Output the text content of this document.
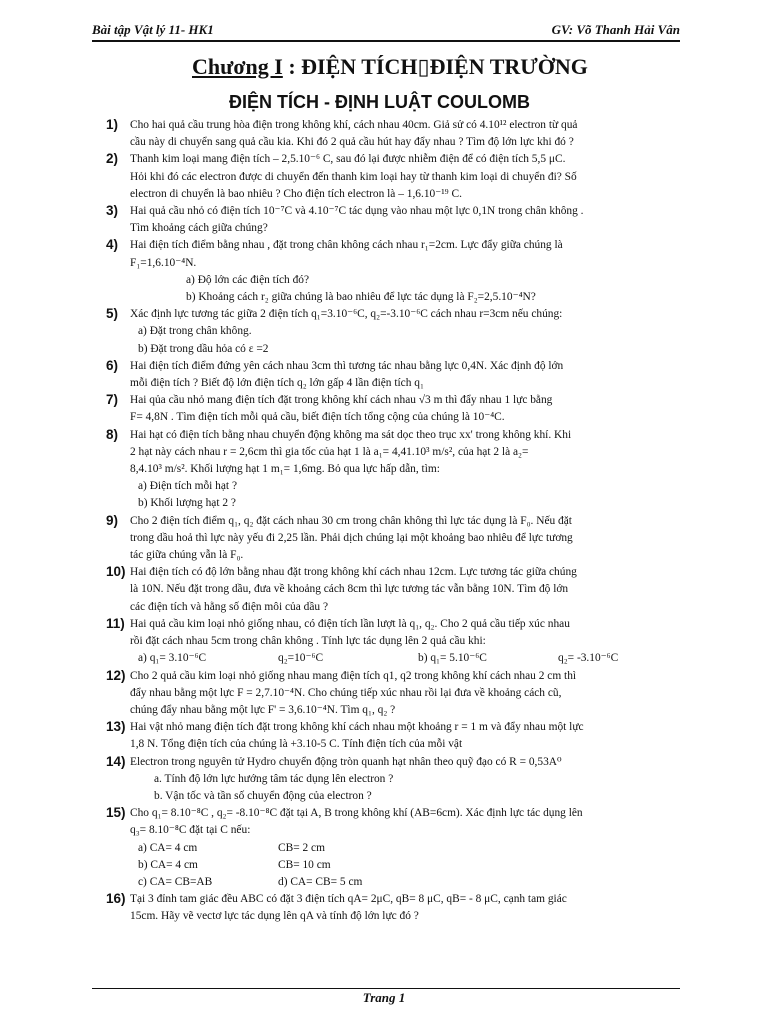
Bài tập Vật lý 11- HK1	GV: Võ Thanh Hải Vân
Chương I : ĐIỆN TÍCH▯ĐIỆN TRƯỜNG
ĐIỆN TÍCH - ĐỊNH LUẬT COULOMB
1) Cho hai quả cầu trung hòa điện trong không khí, cách nhau 40cm. Giả sử có 4.10¹² electron từ quả
cầu này di chuyển sang quả cầu kia. Khi đó 2 quả cầu hút hay đẩy nhau ? Tìm độ lớn lực khi đó ?
2) Thanh kim loại mang điện tích – 2,5.10⁻⁶ C, sau đó lại được nhiễm điện để có điện tích 5,5 μC.
Hỏi khi đó các electron được di chuyển đến thanh kim loại hay từ thanh kim loại di chuyển đi? Số
electron di chuyển là bao nhiêu ? Cho điện tích electron là – 1,6.10⁻¹⁹ C.
3) Hai quả cầu nhỏ có điện tích 10⁻⁷C và 4.10⁻⁷C tác dụng vào nhau một lực 0,1N trong chân không .
Tìm khoảng cách giữa chúng?
4) Hai điện tích điểm bằng nhau , đặt trong chân không cách nhau r₁=2cm. Lực đẩy giữa chúng là
F₁=1,6.10⁻⁴N.
a) Độ lớn các điện tích đó?
b) Khoảng cách r₂ giữa chúng là bao nhiêu để lực tác dụng là F₂=2,5.10⁻⁴N?
5) Xác định lực tương tác giữa 2 điện tích q₁=3.10⁻⁶C, q₂=-3.10⁻⁶C cách nhau r=3cm nếu chúng:
a) Đặt trong chân không.
b) Đặt trong dầu hỏa có ε =2
6) Hai điện tích điểm đứng yên cách nhau 3cm thì tương tác nhau bằng lực 0,4N. Xác định độ lớn
mỗi điện tích ? Biết độ lớn điện tích q₂ lớn gấp 4 lần điện tích q₁
7) Hai qủa cầu nhỏ mang điện tích đặt trong không khí cách nhau √3 m thì đẩy nhau 1 lực bằng
F= 4,8N . Tìm điện tích mỗi quả cầu, biết điện tích tổng cộng của chúng là 10⁻⁴C.
8) Hai hạt có điện tích bằng nhau chuyển động không ma sát dọc theo trục xx' trong không khí. Khi
2 hạt này cách nhau r = 2,6cm thì gia tốc của hạt 1 là a₁= 4,41.10³ m/s², của hạt 2 là a₂=
8,4.10³ m/s². Khối lượng hạt 1 m₁= 1,6mg. Bỏ qua lực hấp dẫn, tìm:
a) Điện tích mỗi hạt ?
b) Khối lượng hạt 2 ?
9) Cho 2 điện tích điểm q₁, q₂ đặt cách nhau 30 cm trong chân không thì lực tác dụng là F₀. Nếu đặt
trong dầu hoả thì lực này yếu đi 2,25 lần. Phải dịch chúng lại một khoảng bao nhiêu để lực tương
tác giữa chúng vẫn là F₀.
10) Hai điện tích có độ lớn bằng nhau đặt trong không khí cách nhau 12cm. Lực tương tác giữa chúng
là 10N. Nếu đặt trong dầu, đưa về khoảng cách 8cm thì lực tương tác vẫn bằng 10N. Tìm độ lớn
các điện tích và hằng số điện môi của dầu ?
11) Hai quả cầu kim loại nhỏ giống nhau, có điện tích lần lượt là q₁, q₂. Cho 2 quả cầu tiếp xúc nhau
rồi đặt cách nhau 5cm trong chân không . Tính lực tác dụng lên 2 quả cầu khi:
a) q₁= 3.10⁻⁶C	q₂=10⁻⁶C	b) q₁= 5.10⁻⁶C	q₂= -3.10⁻⁶C
12) Cho 2 quả cầu kim loại nhỏ giống nhau mang điện tích q1, q2 trong không khí cách nhau 2 cm thì
đẩy nhau bằng một lực F = 2,7.10⁻⁴N. Cho chúng tiếp xúc nhau rồi lại đưa về khoảng cách cũ,
chúng đẩy nhau bằng một lực F' = 3,6.10⁻⁴N. Tìm q₁, q₂ ?
13) Hai vật nhỏ mang điện tích đặt trong không khí cách nhau một khoảng r = 1 m và đẩy nhau một lực
1,8 N. Tổng điện tích của chúng là +3.10-5 C. Tính điện tích của mỗi vật
14) Electron trong nguyên tử Hydro chuyển động tròn quanh hạt nhân theo quỹ đạo có R = 0,53A⁰
a. Tính độ lớn lực hướng tâm tác dụng lên electron ?
b. Vận tốc và tần số chuyển động của electron ?
15) Cho q₁= 8.10⁻⁸C , q₂= -8.10⁻⁸C đặt tại A, B trong không khí (AB=6cm). Xác định lực tác dụng lên
q₃= 8.10⁻⁸C đặt tại C nếu:
a) CA= 4 cm	CB= 2 cm
b) CA= 4 cm	CB= 10 cm
c) CA= CB=AB	d) CA= CB= 5 cm
16) Tại 3 đỉnh tam giác đều ABC có đặt 3 điện tích qA= 2μC, qB= 8 μC, qB= - 8 μC, cạnh tam giác
15cm. Hãy vẽ vectơ lực tác dụng lên qA và tính độ lớn lực đó ?
Trang 1
